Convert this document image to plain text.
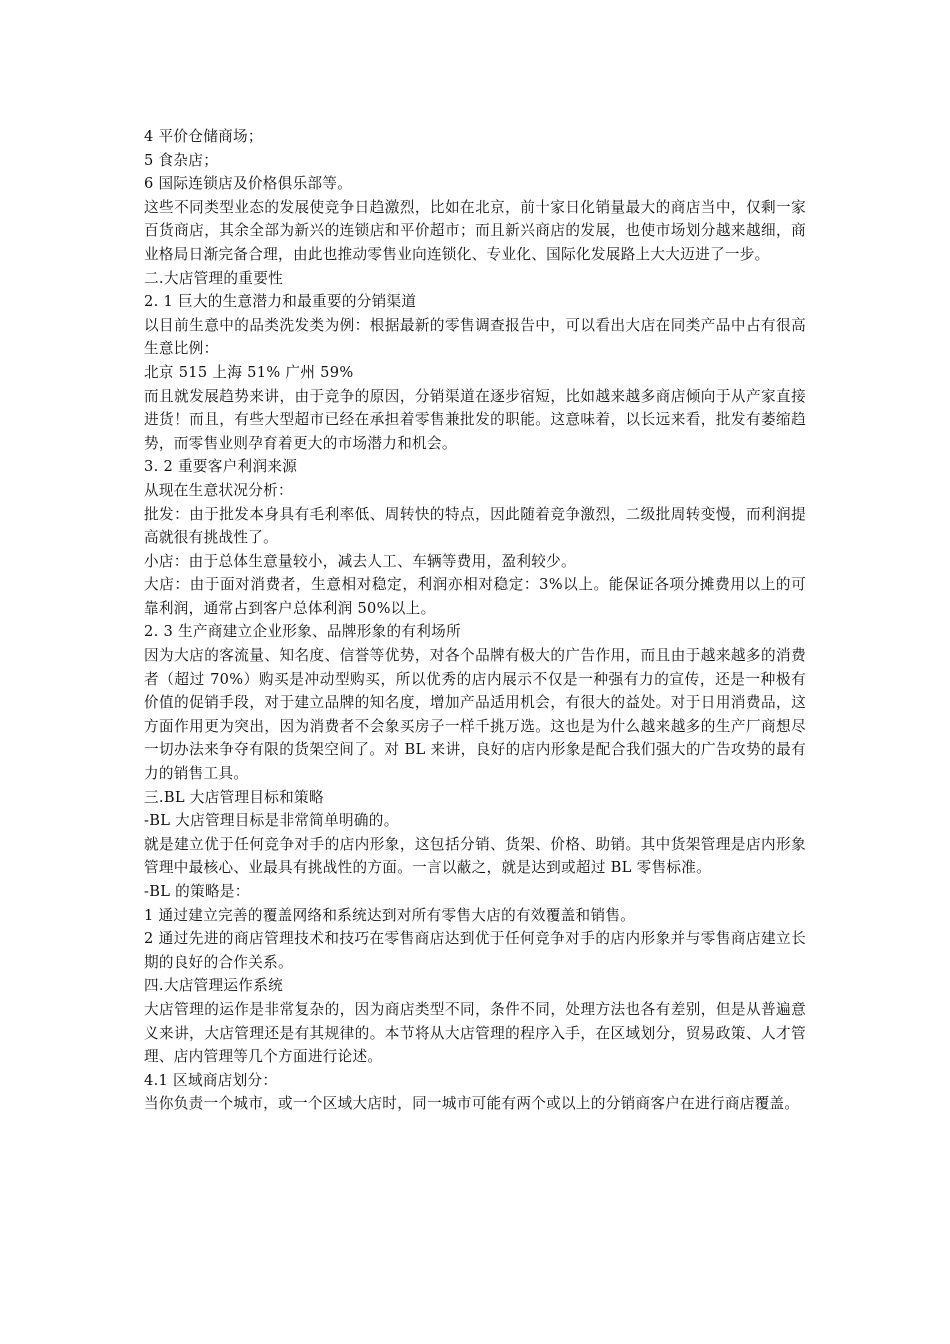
4 平价仓储商场；

5 食杂店；

6 国际连锁店及价格俱乐部等。

这些不同类型业态的发展使竞争日趋激烈，比如在北京，前十家日化销量最大的商店当中，仅剩一家百货商店，其余全部为新兴的连锁店和平价超市；而且新兴商店的发展，也使市场划分越来越细，商业格局日渐完备合理，由此也推动零售业向连锁化、专业化、国际化发展路上大大迈进了一步。

二.大店管理的重要性

2. 1 巨大的生意潜力和最重要的分销渠道

以目前生意中的品类洗发类为例：根据最新的零售调查报告中，可以看出大店在同类产品中占有很高生意比例：

北京 515 上海 51% 广州 59%

而且就发展趋势来讲，由于竞争的原因，分销渠道在逐步宿短，比如越来越多商店倾向于从产家直接进货！而且，有些大型超市已经在承担着零售兼批发的职能。这意味着，以长远来看，批发有萎缩趋势，而零售业则孕育着更大的市场潜力和机会。

3. 2 重要客户利润来源

从现在生意状况分析：

批发：由于批发本身具有毛利率低、周转快的特点，因此随着竞争激烈，二级批周转变慢，而利润提高就很有挑战性了。

小店：由于总体生意量较小，减去人工、车辆等费用，盈利较少。

大店：由于面对消费者，生意相对稳定，利润亦相对稳定：3%以上。能保证各项分摊费用以上的可靠利润，通常占到客户总体利润 50%以上。

2. 3 生产商建立企业形象、品牌形象的有利场所

因为大店的客流量、知名度、信誉等优势，对各个品牌有极大的广告作用，而且由于越来越多的消费者（超过 70%）购买是冲动型购买，所以优秀的店内展示不仅是一种强有力的宣传，还是一种极有价值的促销手段，对于建立品牌的知名度，增加产品适用机会，有很大的益处。对于日用消费品，这方面作用更为突出，因为消费者不会象买房子一样千挑万选。这也是为什么越来越多的生产厂商想尽一切办法来争夺有限的货架空间了。对 BL 来讲，良好的店内形象是配合我们强大的广告攻势的最有力的销售工具。

三.BL 大店管理目标和策略

-BL 大店管理目标是非常简单明确的。

就是建立优于任何竞争对手的店内形象，这包括分销、货架、价格、助销。其中货架管理是店内形象管理中最核心、业最具有挑战性的方面。一言以蔽之，就是达到或超过 BL 零售标准。

-BL 的策略是：

1 通过建立完善的覆盖网络和系统达到对所有零售大店的有效覆盖和销售。

2 通过先进的商店管理技术和技巧在零售商店达到优于任何竞争对手的店内形象并与零售商店建立长期的良好的合作关系。

四.大店管理运作系统

大店管理的运作是非常复杂的，因为商店类型不同，条件不同，处理方法也各有差别，但是从普遍意义来讲，大店管理还是有其规律的。本节将从大店管理的程序入手，在区域划分，贸易政策、人才管理、店内管理等几个方面进行论述。

4.1 区域商店划分：

当你负责一个城市，或一个区域大店时，同一城市可能有两个或以上的分销商客户在进行商店覆盖。
